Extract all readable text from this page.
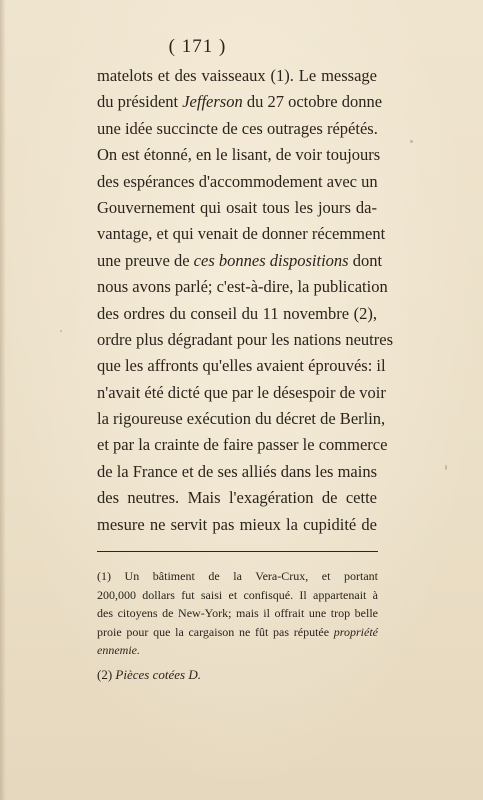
( 171 )
matelots et des vaisseaux (1). Le message
du président Jefferson du 27 octobre donne
une idée succincte de ces outrages répétés.
On est étonné, en le lisant, de voir toujours
des espérances d'accommodement avec un
Gouvernement qui osait tous les jours da-
vantage, et qui venait de donner récemment
une preuve de ces bonnes dispositions dont
nous avons parlé; c'est-à-dire, la publication
des ordres du conseil du 11 novembre (2),
ordre plus dégradant pour les nations neutres
que les affronts qu'elles avaient éprouvés: il
n'avait été dicté que par le désespoir de voir
la rigoureuse exécution du décret de Berlin,
et par la crainte de faire passer le commerce
de la France et de ses alliés dans les mains
des neutres. Mais l'exagération de cette
mesure ne servit pas mieux la cupidité de
(1) Un bâtiment de la Vera-Crux, et portant
200,000 dollars fut saisi et confisqué. Il appartenait à
des citoyens de New-York; mais il offrait une trop belle
proie pour que la cargaison ne fût pas réputée propriété
ennemie.
(2) Pièces cotées D.
